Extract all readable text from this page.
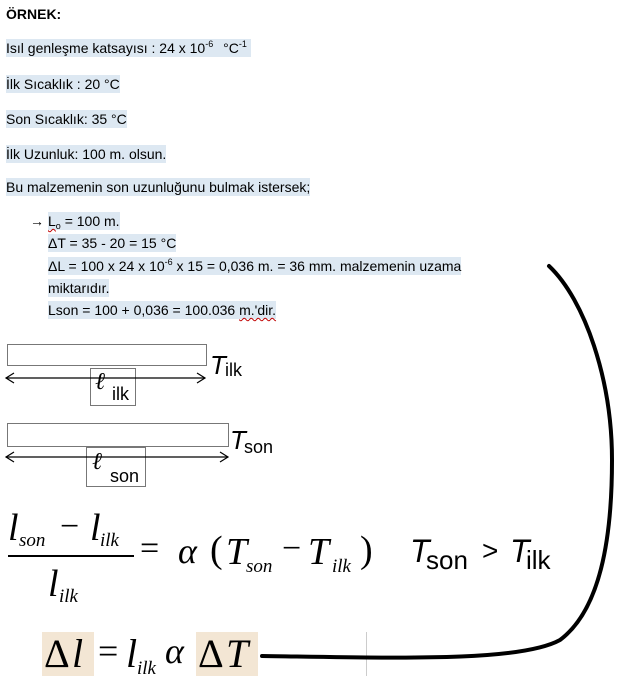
ÖRNEK:
Isıl genleşme katsayısı : 24 x $10^{-6}$ $^\circ C^{-1}$
İlk Sıcaklık : 20 °C
Son Sıcaklık: 35 °C
İlk Uzunluk: 100 m. olsun.
Bu malzemenin son uzunluğunu bulmak istersek;
→ $L_o = 100$ m.
ΔT = 35 - 20 = 15 °C
ΔL = 100 x 24 x $10^{-6}$ x 15 = 0,036 m. = 36 mm. malzemenin uzama
miktarıdır.
Lson = 100 + 0,036 = 100.036 m.'dir.
T ilk
ℓ ilk
T
son
ℓ
son
l son − l ilk
l ilk
= α ( T
son − T ilk ) T
son > T
ilk
Δ l = l ilk α Δ T
